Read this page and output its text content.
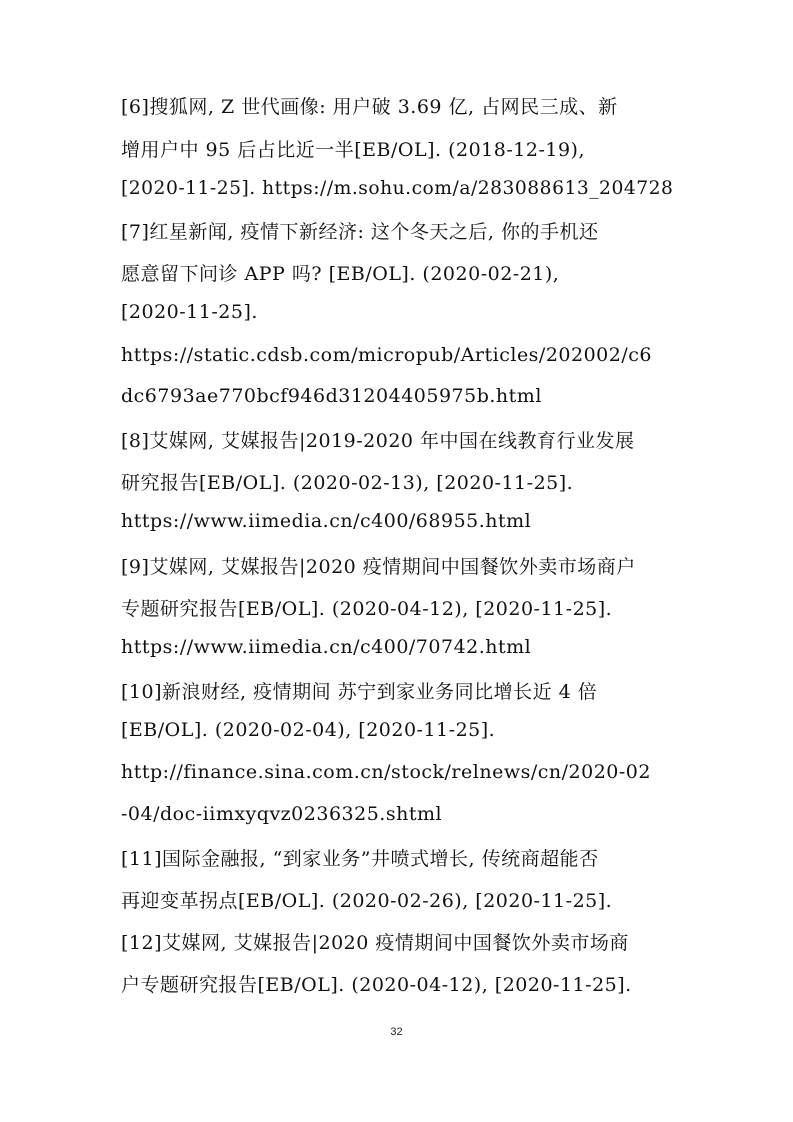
[6]搜狐网, Z 世代画像: 用户破 3.69 亿, 占网民三成、新
增用户中 95 后占比近一半[EB/OL]. (2018-12-19),
[2020-11-25]. https://m.sohu.com/a/283088613_204728
[7]红星新闻, 疫情下新经济: 这个冬天之后, 你的手机还
愿意留下问诊 APP 吗? [EB/OL]. (2020-02-21),
[2020-11-25].
https://static.cdsb.com/micropub/Articles/202002/c6
dc6793ae770bcf946d31204405975b.html
[8]艾媒网, 艾媒报告|2019-2020 年中国在线教育行业发展
研究报告[EB/OL]. (2020-02-13), [2020-11-25].
https://www.iimedia.cn/c400/68955.html
[9]艾媒网, 艾媒报告|2020 疫情期间中国餐饮外卖市场商户
专题研究报告[EB/OL]. (2020-04-12), [2020-11-25].
https://www.iimedia.cn/c400/70742.html
[10]新浪财经, 疫情期间 苏宁到家业务同比增长近 4 倍
[EB/OL]. (2020-02-04), [2020-11-25].
http://finance.sina.com.cn/stock/relnews/cn/2020-02
-04/doc-iimxyqvz0236325.shtml
[11]国际金融报, “到家业务”井喷式增长, 传统商超能否
再迎变革拐点[EB/OL]. (2020-02-26), [2020-11-25].
[12]艾媒网, 艾媒报告|2020 疫情期间中国餐饮外卖市场商
户专题研究报告[EB/OL]. (2020-04-12), [2020-11-25].
32
